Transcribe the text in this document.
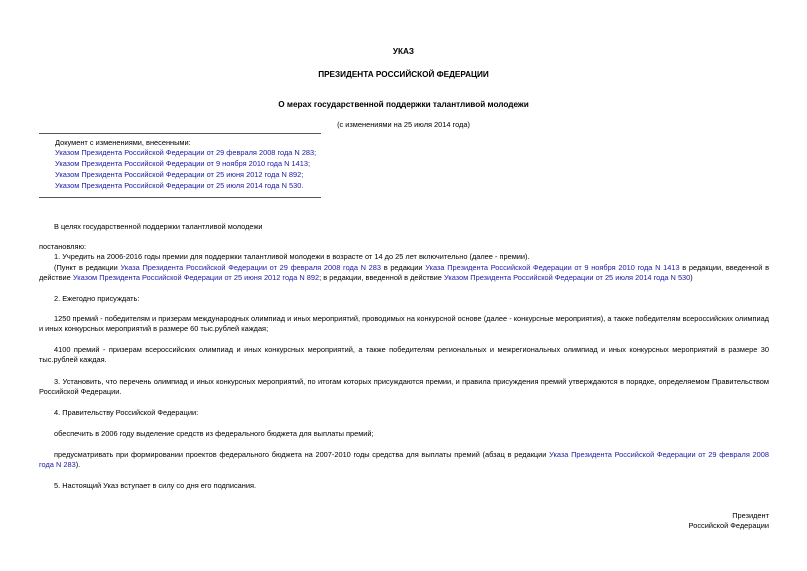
УКАЗ
ПРЕЗИДЕНТА РОССИЙСКОЙ ФЕДЕРАЦИИ
О мерах государственной поддержки талантливой молодежи
(с изменениями на 25 июля 2014 года)
Документ с изменениями, внесенными:
Указом Президента Российской Федерации от 29 февраля 2008 года N 283;
Указом Президента Российской Федерации от 9 ноября 2010 года N 1413;
Указом Президента Российской Федерации от 25 июня 2012 года N 892;
Указом Президента Российской Федерации от 25 июля 2014 года N 530.
В целях государственной поддержки талантливой молодежи
постановляю:
1. Учредить на 2006-2016 годы премии для поддержки талантливой молодежи в возрасте от 14 до 25 лет включительно (далее - премии).
(Пункт в редакции Указа Президента Российской Федерации от 29 февраля 2008 года N 283 в редакции Указа Президента Российской Федерации от 9 ноября 2010 года N 1413 в редакции, введенной в действие Указом Президента Российской Федерации от 25 июня 2012 года N 892; в редакции, введенной в действие Указом Президента Российской Федерации от 25 июля 2014 года N 530)
2. Ежегодно присуждать:
1250 премий - победителям и призерам международных олимпиад и иных мероприятий, проводимых на конкурсной основе (далее - конкурсные мероприятия), а также победителям всероссийских олимпиад и иных конкурсных мероприятий в размере 60 тыс.рублей каждая;
4100 премий - призерам всероссийских олимпиад и иных конкурсных мероприятий, а также победителям региональных и межрегиональных олимпиад и иных конкурсных мероприятий в размере 30 тыс.рублей каждая.
3. Установить, что перечень олимпиад и иных конкурсных мероприятий, по итогам которых присуждаются премии, и правила присуждения премий утверждаются в порядке, определяемом Правительством Российской Федерации.
4. Правительству Российской Федерации:
обеспечить в 2006 году выделение средств из федерального бюджета для выплаты премий;
предусматривать при формировании проектов федерального бюджета на 2007-2010 годы средства для выплаты премий (абзац в редакции Указа Президента Российской Федерации от 29 февраля 2008 года N 283).
5. Настоящий Указ вступает в силу со дня его подписания.
Президент
Российской Федерации
